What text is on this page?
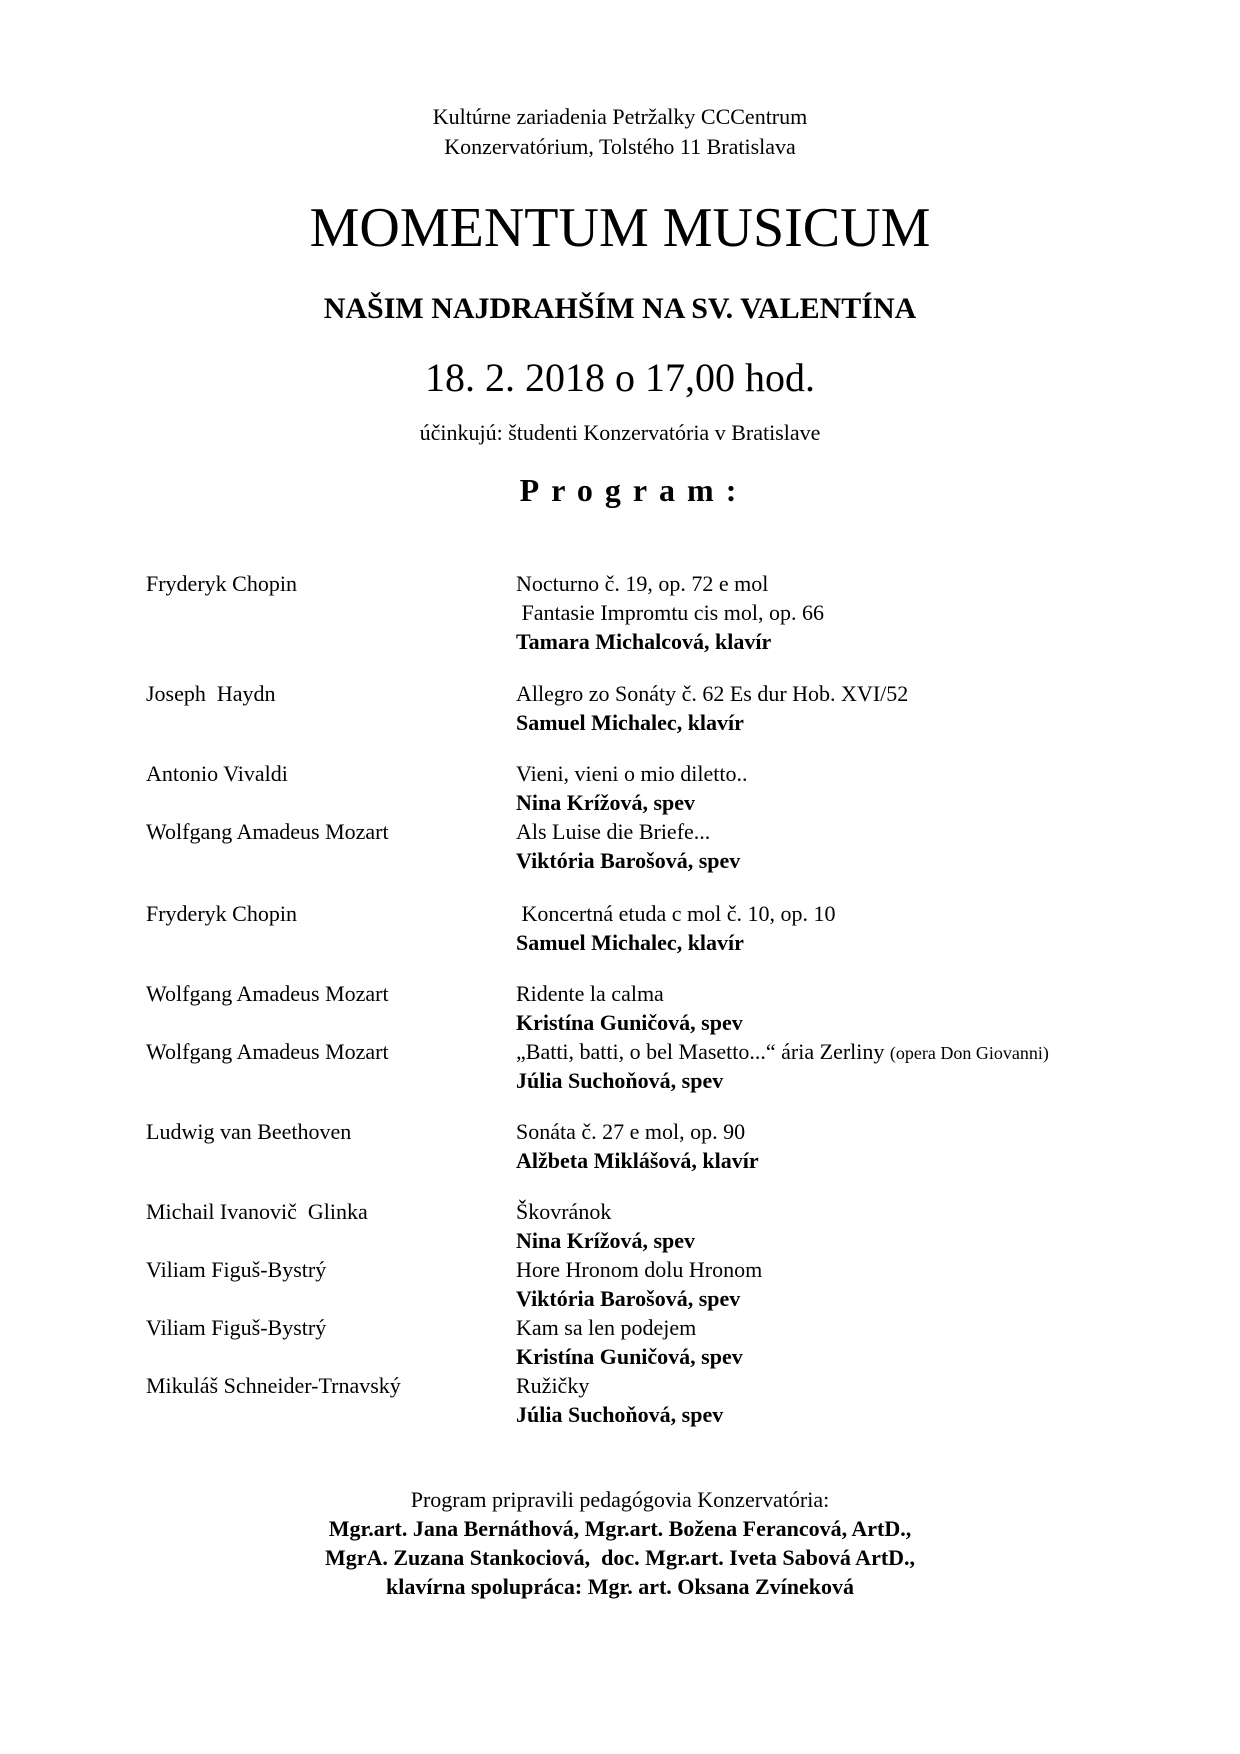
Kultúrne zariadenia Petržalky CCCentrum
Konzervatórium, Tolstého 11 Bratislava
MOMENTUM MUSICUM
NAŠIM NAJDRAHŠÍM NA SV. VALENTÍNA
18. 2. 2018 o 17,00 hod.
účinkujú: študenti Konzervatória v Bratislave
Program:
Fryderyk Chopin	Nocturno č. 19, op. 72 e mol
Fantasie Impromtu cis mol, op. 66
Tamara Michalcová, klavír
Joseph  Haydn	Allegro zo Sonáty č. 62 Es dur Hob. XVI/52
Samuel Michalec, klavír
Antonio Vivaldi	Vieni, vieni o mio diletto..
Nina Krížová, spev
Wolfgang Amadeus Mozart	Als Luise die Briefe...
Viktória Barošová, spev
Fryderyk Chopin	Koncertná etuda c mol č. 10, op. 10
Samuel Michalec, klavír
Wolfgang Amadeus Mozart	Ridente la calma
Kristína Guničová, spev
Wolfgang Amadeus Mozart	„Batti, batti, o bel Masetto...“ ária Zerliny (opera Don Giovanni)
Júlia Suchoňová, spev
Ludwig van Beethoven	Sonáta č. 27 e mol, op. 90
Alžbeta Miklášová, klavír
Michail Ivanovič  Glinka	Škovránok
Nina Krížová, spev
Viliam Figuš-Bystrý	Hore Hronom dolu Hronom
Viktória Barošová, spev
Viliam Figuš-Bystrý	Kam sa len podejem
Kristína Guničová, spev
Mikuláš Schneider-Trnavský	Ružičky
Júlia Suchoňová, spev
Program pripravili pedagógovia Konzervatória:
Mgr.art. Jana Bernáthová, Mgr.art. Božena Ferancová, ArtD.,
MgrA. Zuzana Stankociová,  doc. Mgr.art. Iveta Sabová ArtD.,
klavírna spolupráca: Mgr. art. Oksana Zvíneková
